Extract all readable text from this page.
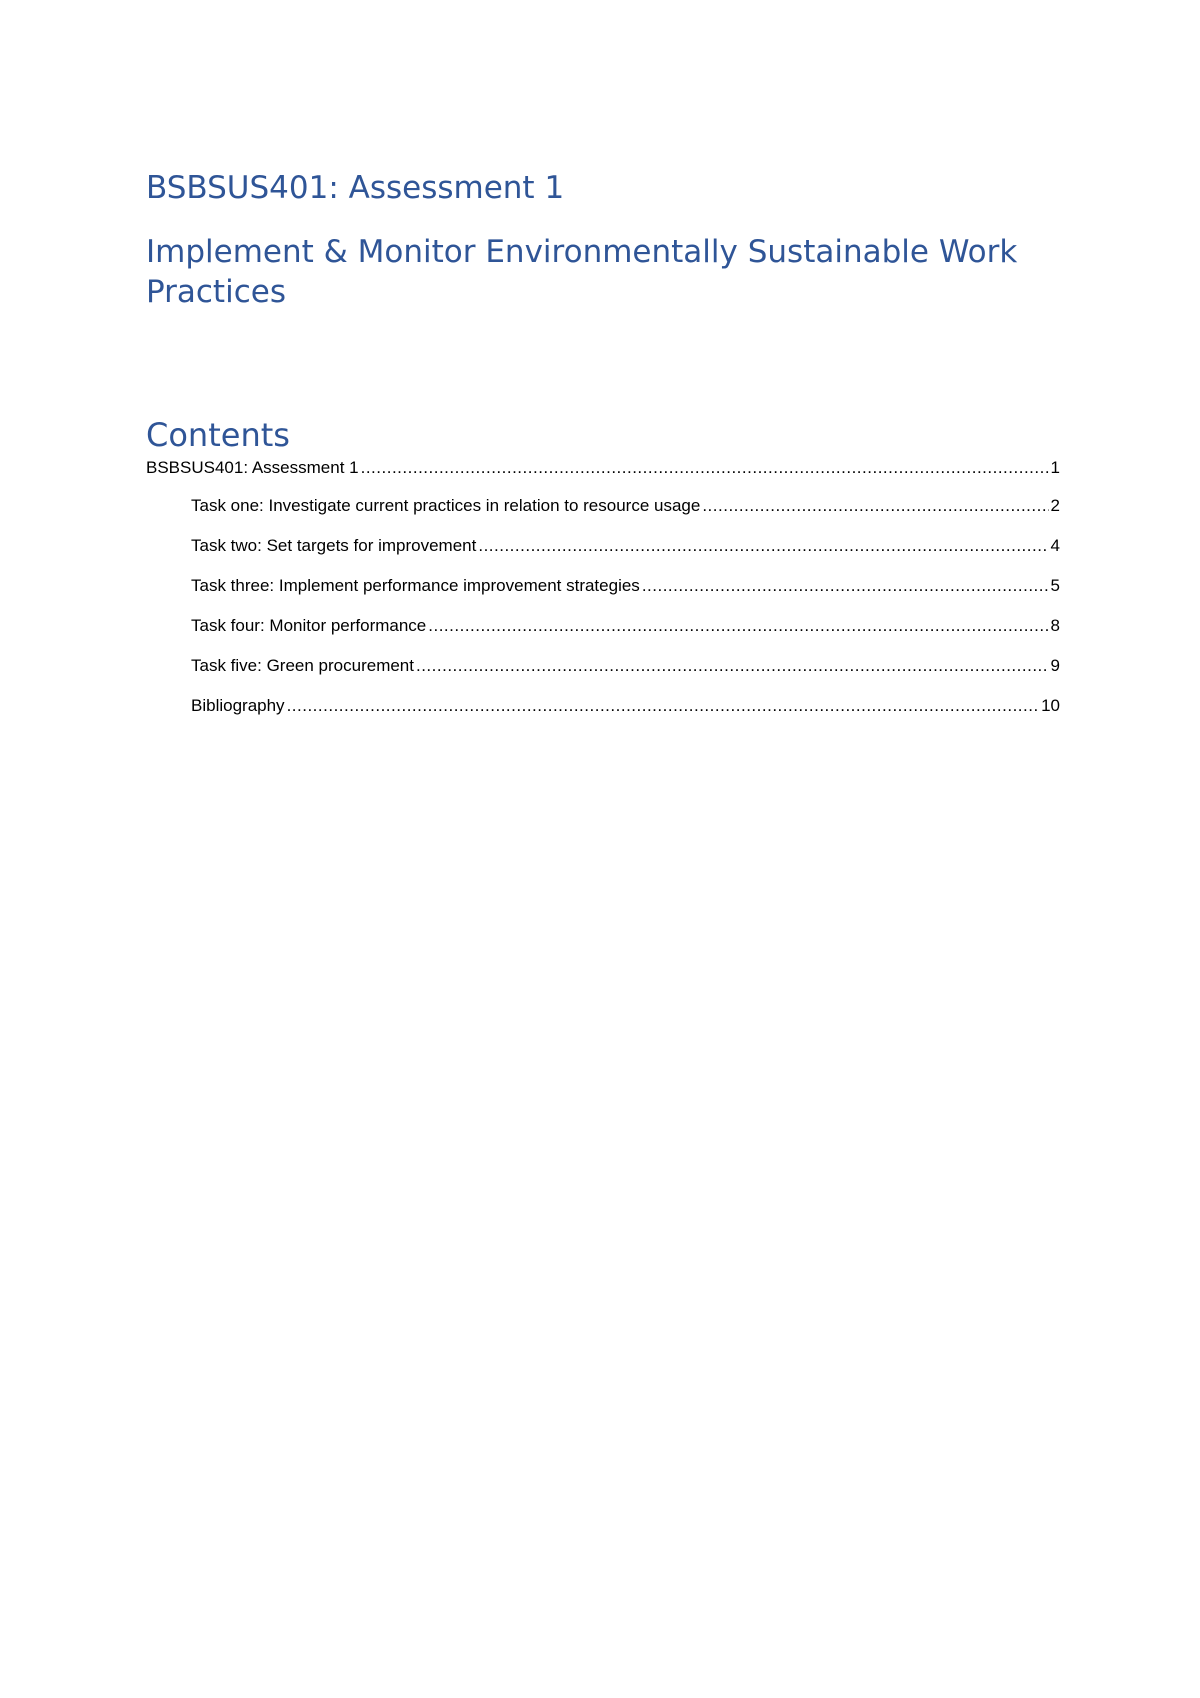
BSBSUS401: Assessment 1
Implement & Monitor Environmentally Sustainable Work
Practices
Contents
BSBSUS401: Assessment 1 .....	1
Task one: Investigate current practices in relation to resource usage .....	2
Task two: Set targets for improvement .....	4
Task three: Implement performance improvement strategies .....	5
Task four: Monitor performance .....	8
Task five: Green procurement .....	9
Bibliography .....	10
